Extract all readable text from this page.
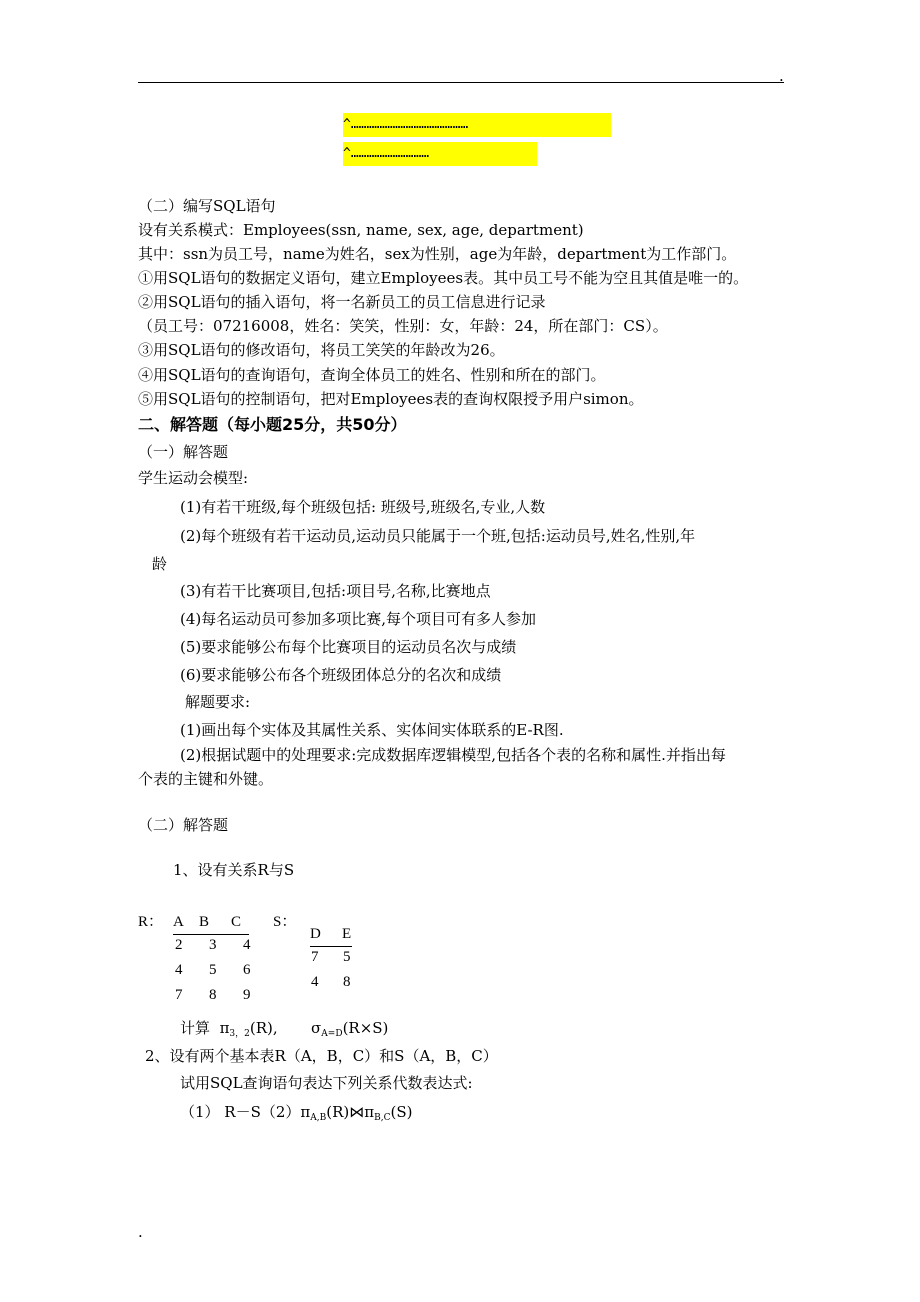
.
^………………………………………
^…………………………
（二）编写SQL语句
设有关系模式：Employees(ssn, name, sex, age, department)
其中：ssn为员工号，name为姓名，sex为性别，age为年龄，department为工作部门。
①用SQL语句的数据定义语句，建立Employees表。其中员工号不能为空且其值是唯一的。
②用SQL语句的插入语句，将一名新员工的员工信息进行记录
（员工号：07216008，姓名：笑笑，性别：女，年龄：24，所在部门：CS）。
③用SQL语句的修改语句，将员工笑笑的年龄改为26。
④用SQL语句的查询语句，查询全体员工的姓名、性别和所在的部门。
⑤用SQL语句的控制语句，把对Employees表的查询权限授予用户simon。
二、解答题（每小题25分，共50分）
（一）解答题
学生运动会模型:
(1)有若干班级,每个班级包括: 班级号,班级名,专业,人数
(2)每个班级有若干运动员,运动员只能属于一个班,包括:运动员号,姓名,性别,年
龄
(3)有若干比赛项目,包括:项目号,名称,比赛地点
(4)每名运动员可参加多项比赛,每个项目可有多人参加
(5)要求能够公布每个比赛项目的运动员名次与成绩
(6)要求能够公布各个班级团体总分的名次和成绩
解题要求:
(1)画出每个实体及其属性关系、实体间实体联系的E-R图.
(2)根据试题中的处理要求:完成数据库逻辑模型,包括各个表的名称和属性.并指出每
个表的主键和外键。
（二）解答题
1、设有关系R与S
R： A B C
2 3 4
4 5 6
7 8 9
S：
D E
7 5
4 8
计算 $\pi_{3,2}(R)$, $\sigma_{A=D}(R\times S)$
2、设有两个基本表R（A，B，C）和S（A，B，C）
试用SQL查询语句表达下列关系代数表达式:
（1） $R-S(2)\pi_{A,B}(R)⋈\pi_{B,C}(S)$
.
